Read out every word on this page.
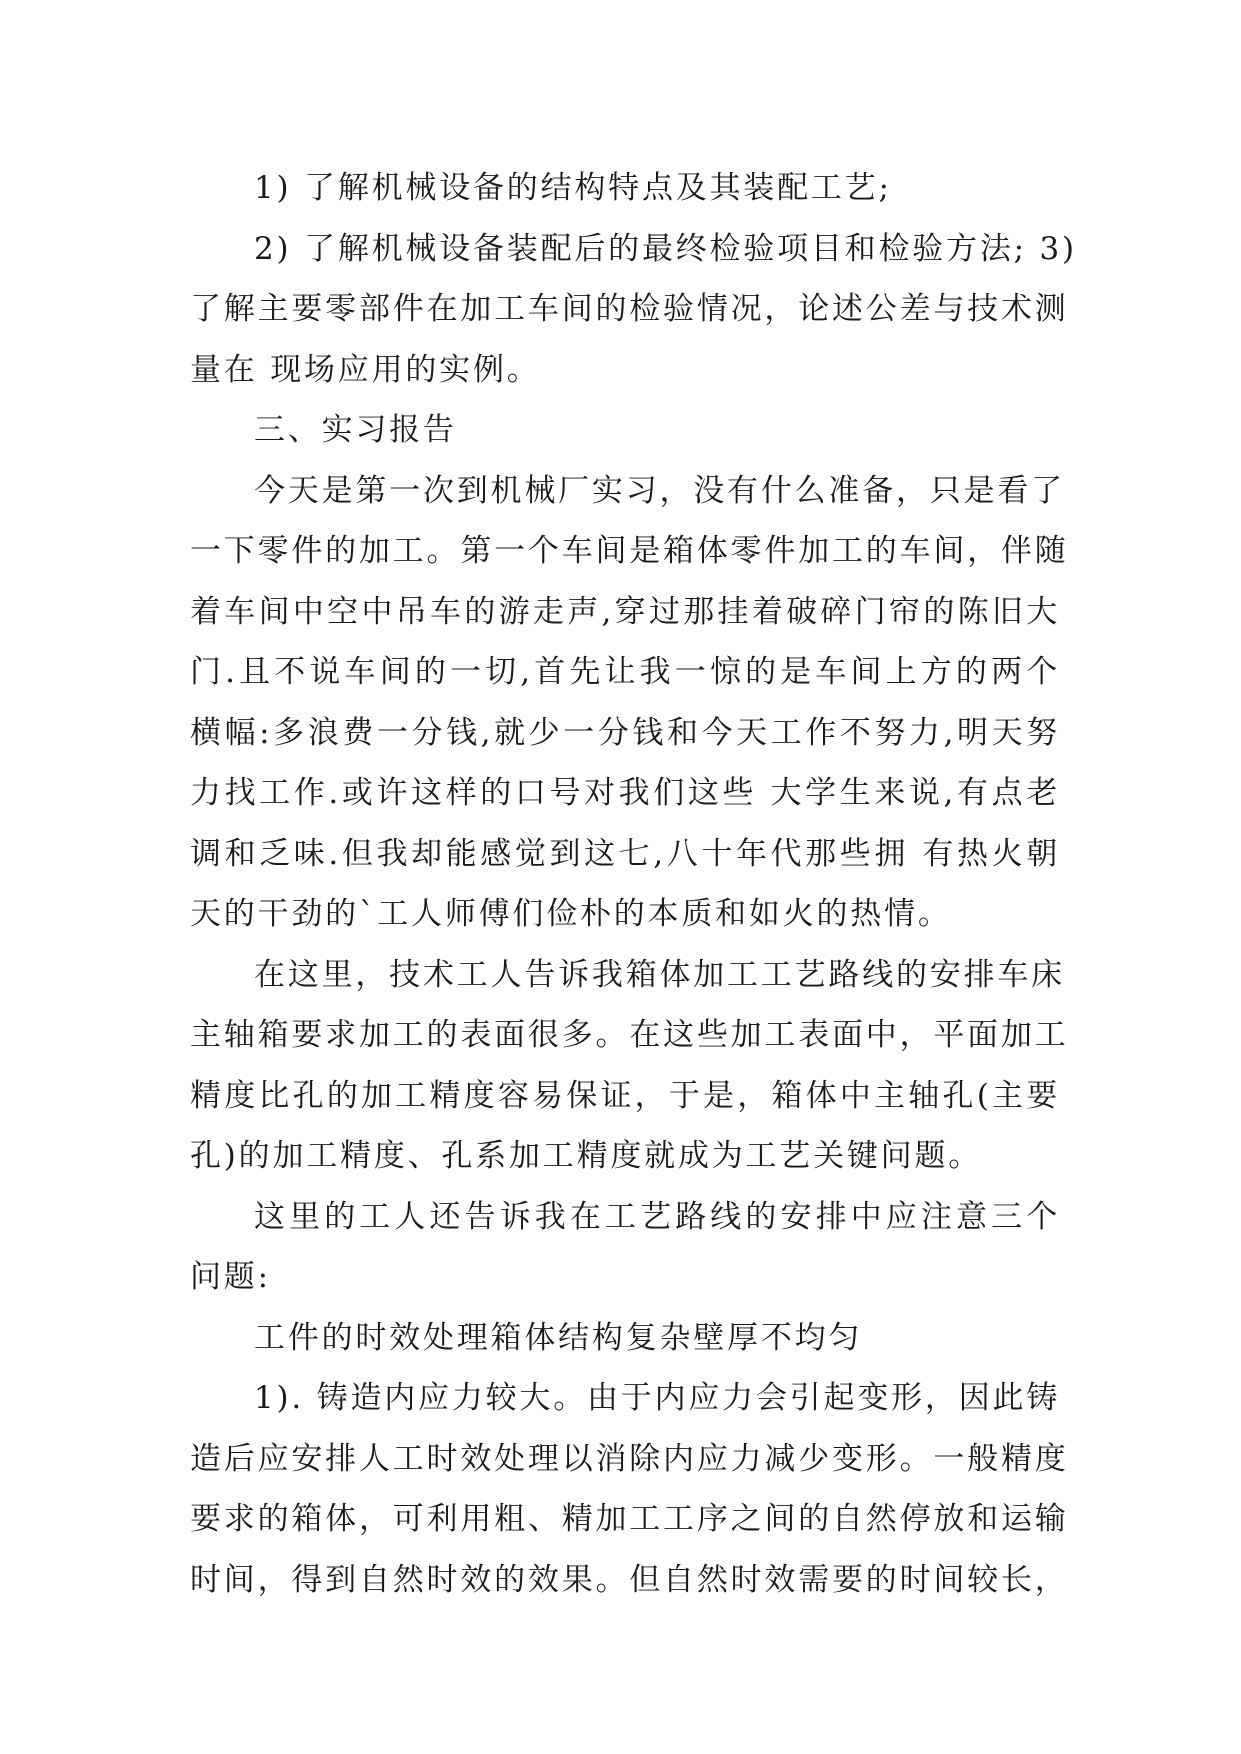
1) 了解机械设备的结构特点及其装配工艺;
2) 了解机械设备装配后的最终检验项目和检验方法; 3)
了解主要零部件在加工车间的检验情况，论述公差与技术测
量在 现场应用的实例。
三、实习报告
今天是第一次到机械厂实习，没有什么准备，只是看了
一下零件的加工。第一个车间是箱体零件加工的车间，伴随
着车间中空中吊车的游走声,穿过那挂着破碎门帘的陈旧大
门.且不说车间的一切,首先让我一惊的是车间上方的两个
横幅:多浪费一分钱,就少一分钱和今天工作不努力,明天努
力找工作.或许这样的口号对我们这些 大学生来说,有点老
调和乏味.但我却能感觉到这七,八十年代那些拥 有热火朝
天的干劲的`工人师傅们俭朴的本质和如火的热情。
在这里，技术工人告诉我箱体加工工艺路线的安排车床
主轴箱要求加工的表面很多。在这些加工表面中，平面加工
精度比孔的加工精度容易保证，于是，箱体中主轴孔(主要
孔)的加工精度、孔系加工精度就成为工艺关键问题。
这里的工人还告诉我在工艺路线的安排中应注意三个
问题:
工件的时效处理箱体结构复杂壁厚不均匀
1). 铸造内应力较大。由于内应力会引起变形，因此铸
造后应安排人工时效处理以消除内应力减少变形。一般精度
要求的箱体，可利用粗、精加工工序之间的自然停放和运输
时间，得到自然时效的效果。但自然时效需要的时间较长，
